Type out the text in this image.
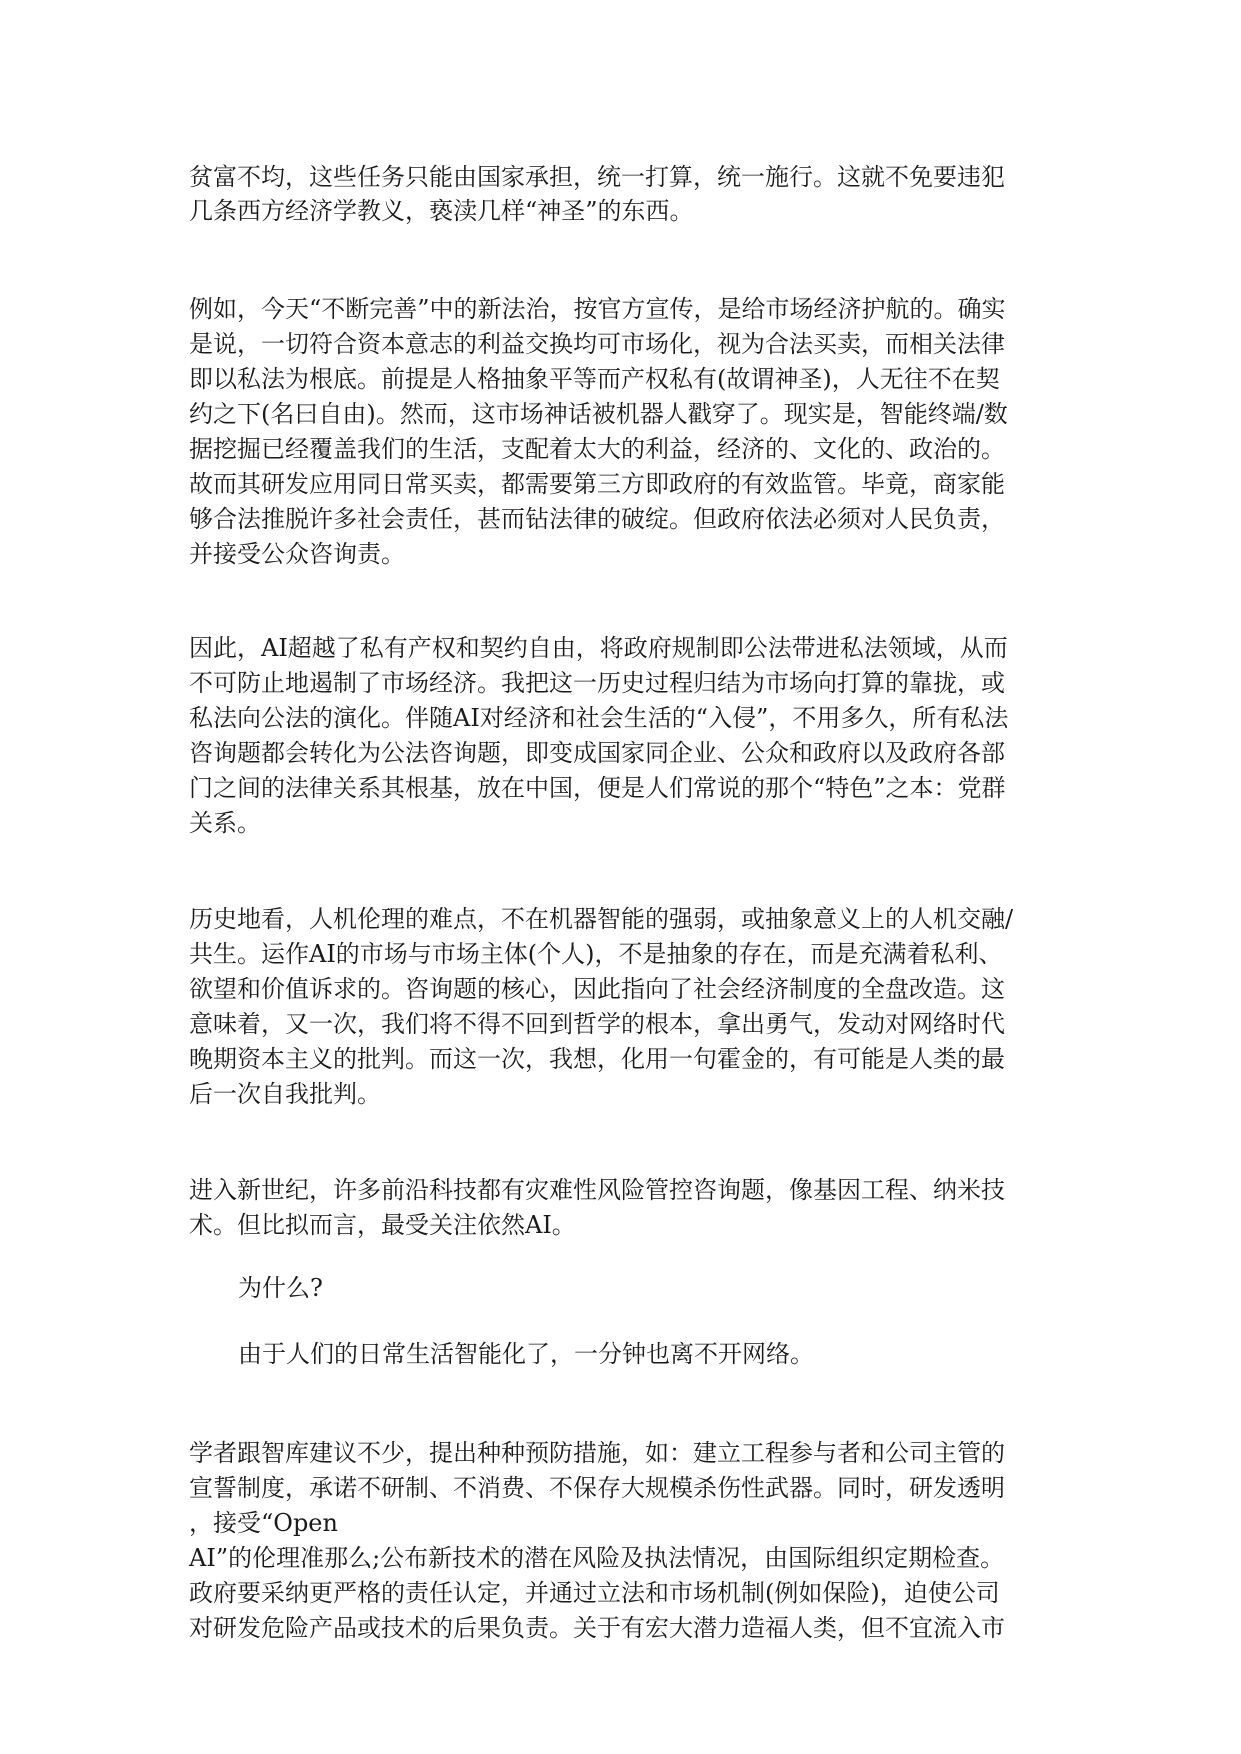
贫富不均，这些任务只能由国家承担，统一打算，统一施行。这就不免要违犯

几条西方经济学教义，亵渎几样“神圣”的东西。

例如，今天“不断完善”中的新法治，按官方宣传，是给市场经济护航的。确实

是说，一切符合资本意志的利益交换均可市场化，视为合法买卖，而相关法律

即以私法为根底。前提是人格抽象平等而产权私有(故谓神圣)，人无往不在契

约之下(名曰自由)。然而，这市场神话被机器人戳穿了。现实是，智能终端/数

据挖掘已经覆盖我们的生活，支配着太大的利益，经济的、文化的、政治的。

故而其研发应用同日常买卖，都需要第三方即政府的有效监管。毕竟，商家能

够合法推脱许多社会责任，甚而钻法律的破绽。但政府依法必须对人民负责，

并接受公众咨询责。

因此，AI超越了私有产权和契约自由，将政府规制即公法带进私法领域，从而

不可防止地遏制了市场经济。我把这一历史过程归结为市场向打算的靠拢，或

私法向公法的演化。伴随AI对经济和社会生活的“入侵”，不用多久，所有私法

咨询题都会转化为公法咨询题，即变成国家同企业、公众和政府以及政府各部

门之间的法律关系其根基，放在中国，便是人们常说的那个“特色”之本：党群

关系。

历史地看，人机伦理的难点，不在机器智能的强弱，或抽象意义上的人机交融/

共生。运作AI的市场与市场主体(个人)，不是抽象的存在，而是充满着私利、

欲望和价值诉求的。咨询题的核心，因此指向了社会经济制度的全盘改造。这

意味着，又一次，我们将不得不回到哲学的根本，拿出勇气，发动对网络时代

晚期资本主义的批判。而这一次，我想，化用一句霍金的，有可能是人类的最

后一次自我批判。

进入新世纪，许多前沿科技都有灾难性风险管控咨询题，像基因工程、纳米技

术。但比拟而言，最受关注依然AI。

为什么?

由于人们的日常生活智能化了，一分钟也离不开网络。

学者跟智库建议不少，提出种种预防措施，如：建立工程参与者和公司主管的

宣誓制度，承诺不研制、不消费、不保存大规模杀伤性武器。同时，研发透明

，接受“Open

AI”的伦理准那么;公布新技术的潜在风险及执法情况，由国际组织定期检查。

政府要采纳更严格的责任认定，并通过立法和市场机制(例如保险)，迫使公司

对研发危险产品或技术的后果负责。关于有宏大潜力造福人类，但不宜流入市
